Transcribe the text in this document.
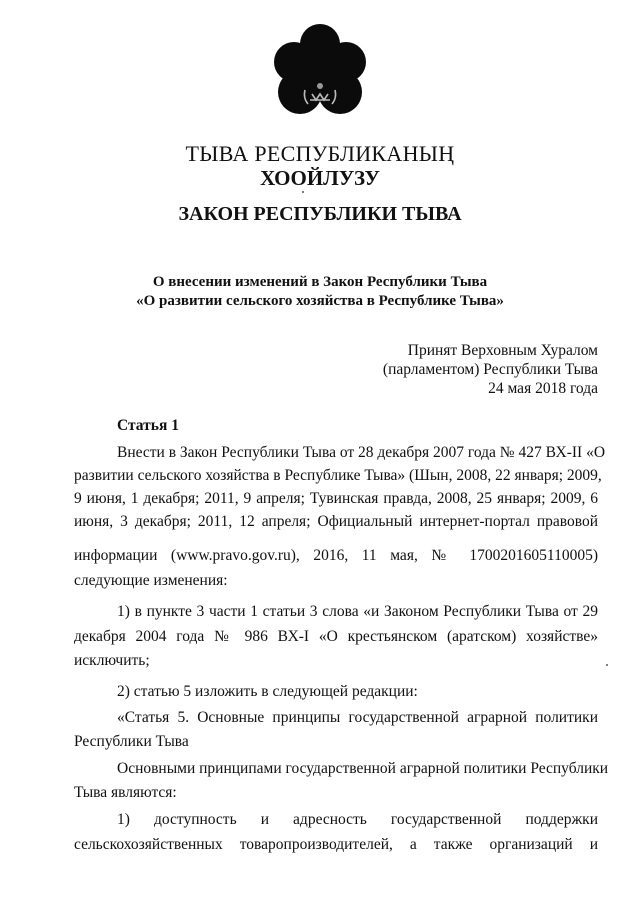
ТЫВА РЕСПУБЛИКАНЫҢ
ХООЙЛУЗУ
ЗАКОН РЕСПУБЛИКИ ТЫВА
О внесении изменений в Закон Республики Тыва
«О развитии сельского хозяйства в Республике Тыва»
Принят Верховным Хуралом
(парламентом) Республики Тыва
24 мая 2018 года
Статья 1
Внести в Закон Республики Тыва от 28 декабря 2007 года № 427 ВХ-II «О
развитии сельского хозяйства в Республике Тыва» (Шын, 2008, 22 января; 2009,
9 июня, 1 декабря; 2011, 9 апреля; Тувинская правда, 2008, 25 января; 2009, 6
июня, 3 декабря; 2011, 12 апреля; Официальный интернет-портал правовой
информации (www.pravo.gov.ru), 2016, 11 мая, № 1700201605110005)
следующие изменения:
1) в пункте 3 части 1 статьи 3 слова «и Законом Республики Тыва от 29
декабря 2004 года № 986 ВХ-I «О крестьянском (аратском) хозяйстве»
исключить;
2) статью 5 изложить в следующей редакции:
«Статья 5. Основные принципы государственной аграрной политики
Республики Тыва
Основными принципами государственной аграрной политики Республики
Тыва являются:
1) доступность и адресность государственной поддержки
сельскохозяйственных товаропроизводителей, а также организаций и
